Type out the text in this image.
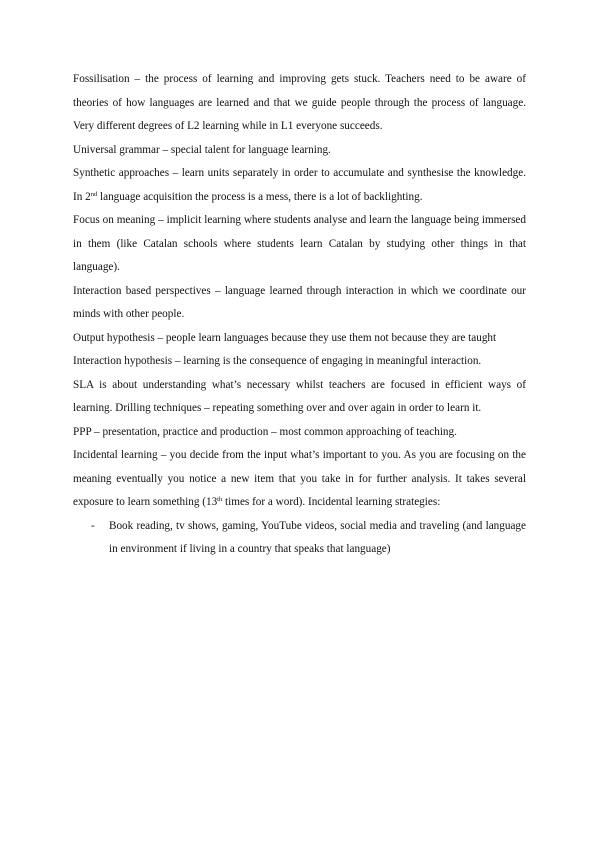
Fossilisation – the process of learning and improving gets stuck. Teachers need to be aware of theories of how languages are learned and that we guide people through the process of language. Very different degrees of L2 learning while in L1 everyone succeeds.

Universal grammar – special talent for language learning.

Synthetic approaches – learn units separately in order to accumulate and synthesise the knowledge. In 2nd language acquisition the process is a mess, there is a lot of backlighting.

Focus on meaning – implicit learning where students analyse and learn the language being immersed in them (like Catalan schools where students learn Catalan by studying other things in that language).

Interaction based perspectives – language learned through interaction in which we coordinate our minds with other people.

Output hypothesis – people learn languages because they use them not because they are taught

Interaction hypothesis – learning is the consequence of engaging in meaningful interaction.

SLA is about understanding what’s necessary whilst teachers are focused in efficient ways of learning. Drilling techniques – repeating something over and over again in order to learn it.

PPP – presentation, practice and production – most common approaching of teaching.

Incidental learning – you decide from the input what’s important to you. As you are focusing on the meaning eventually you notice a new item that you take in for further analysis. It takes several exposure to learn something (13th times for a word). Incidental learning strategies:

- Book reading, tv shows, gaming, YouTube videos, social media and traveling (and language in environment if living in a country that speaks that language)
